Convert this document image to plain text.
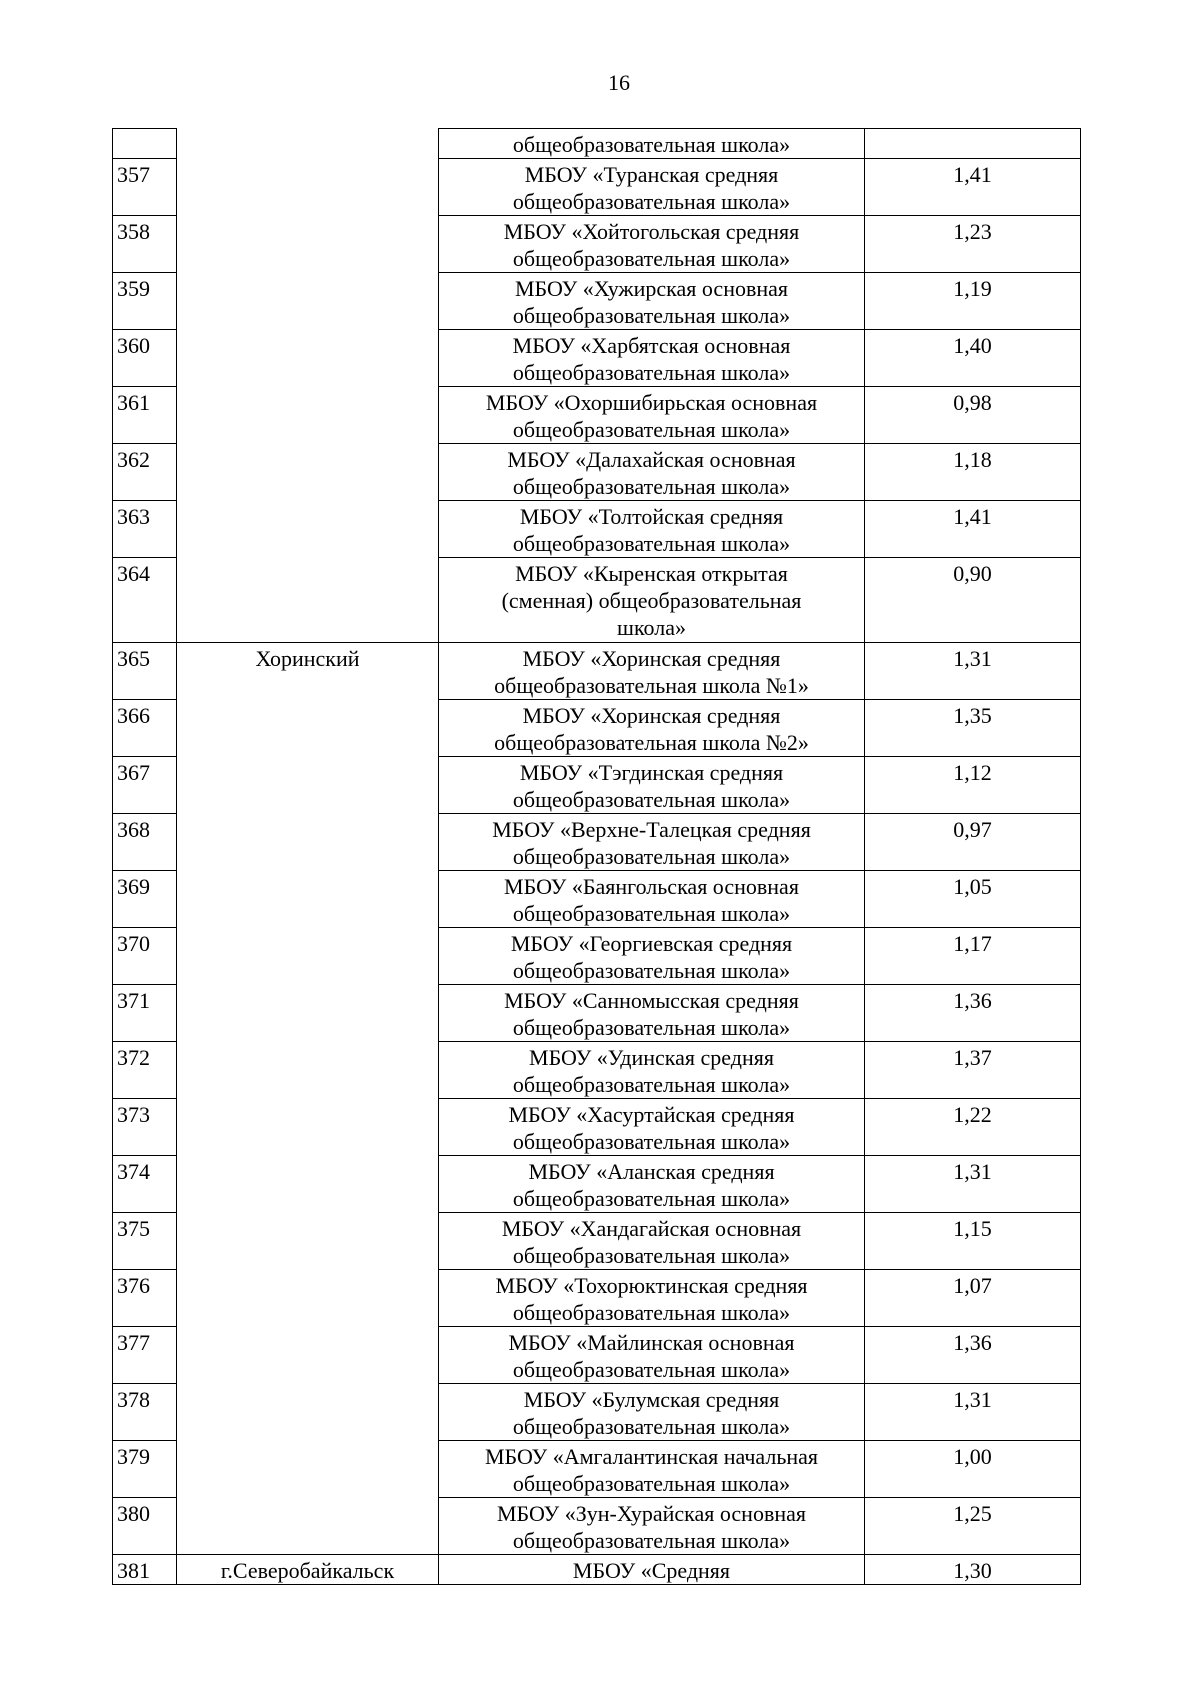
16

		общеобразовательная школа»	

357		МБОУ «Туранская средняя
общеобразовательная школа»	1,41
358		МБОУ «Хойтогольская средняя
общеобразовательная школа»	1,23
359		МБОУ «Хужирская основная
общеобразовательная школа»	1,19
360		МБОУ «Харбятская основная
общеобразовательная школа»	1,40
361		МБОУ «Охоршибирьская основная
общеобразовательная школа»	0,98
362		МБОУ «Далахайская основная
общеобразовательная школа»	1,18
363		МБОУ «Толтойская средняя
общеобразовательная школа»	1,41
364		МБОУ «Кыренская открытая
(сменная) общеобразовательная
школа»	0,90
365	Хоринский	МБОУ «Хоринская средняя
общеобразовательная школа №1»	1,31
366		МБОУ «Хоринская средняя
общеобразовательная школа №2»	1,35
367		МБОУ «Тэгдинская средняя
общеобразовательная школа»	1,12
368		МБОУ «Верхне-Талецкая средняя
общеобразовательная школа»	0,97
369		МБОУ «Баянгольская основная
общеобразовательная школа»	1,05
370		МБОУ «Георгиевская средняя
общеобразовательная школа»	1,17
371		МБОУ «Санномысская средняя
общеобразовательная школа»	1,36
372		МБОУ «Удинская средняя
общеобразовательная школа»	1,37
373		МБОУ «Хасуртайская средняя
общеобразовательная школа»	1,22
374		МБОУ «Аланская средняя
общеобразовательная школа»	1,31
375		МБОУ «Хандагайская основная
общеобразовательная школа»	1,15
376		МБОУ «Тохорюктинская средняя
общеобразовательная школа»	1,07
377		МБОУ «Майлинская основная
общеобразовательная школа»	1,36
378		МБОУ «Булумская средняя
общеобразовательная школа»	1,31
379		МБОУ «Амгалантинская начальная
общеобразовательная школа»	1,00
380		МБОУ «Зун-Хурайская основная
общеобразовательная школа»	1,25
381	г.Северобайкальск	МБОУ «Средняя	1,30
